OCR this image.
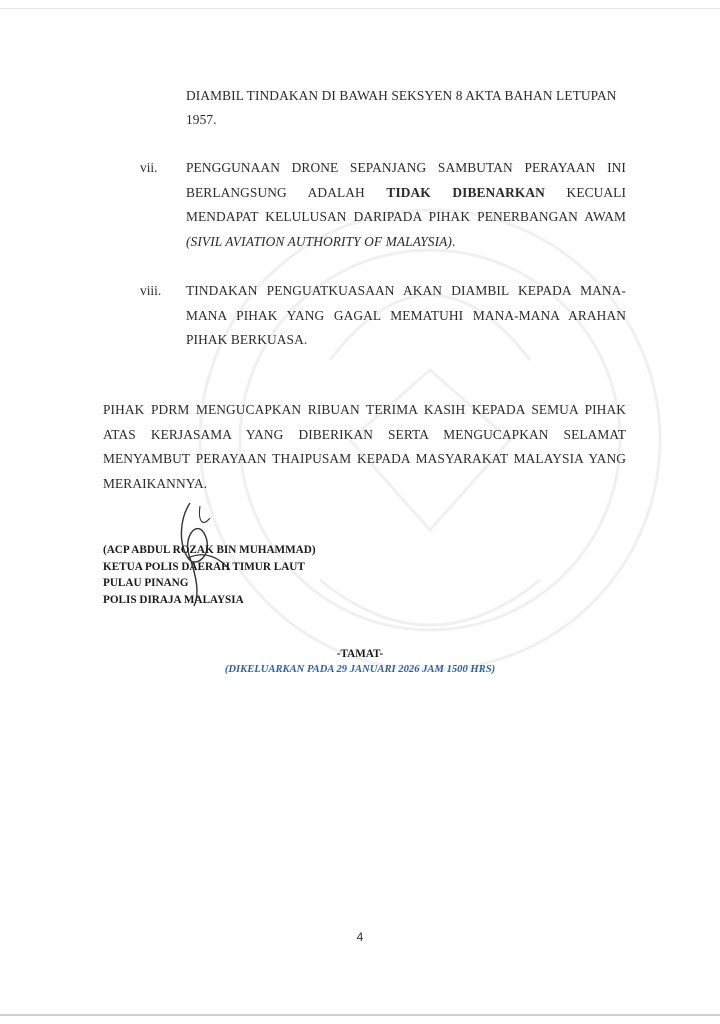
DIAMBIL TINDAKAN DI BAWAH SEKSYEN 8 AKTA BAHAN LETUPAN
1957.
vii. PENGGUNAAN DRONE SEPANJANG SAMBUTAN PERAYAAN INI BERLANGSUNG ADALAH TIDAK DIBENARKAN KECUALI MENDAPAT KELULUSAN DARIPADA PIHAK PENERBANGAN AWAM (SIVIL AVIATION AUTHORITY OF MALAYSIA).
viii. TINDAKAN PENGUATKUASAAN AKAN DIAMBIL KEPADA MANA-MANA PIHAK YANG GAGAL MEMATUHI MANA-MANA ARAHAN PIHAK BERKUASA.
PIHAK PDRM MENGUCAPKAN RIBUAN TERIMA KASIH KEPADA SEMUA PIHAK ATAS KERJASAMA YANG DIBERIKAN SERTA MENGUCAPKAN SELAMAT MENYAMBUT PERAYAAN THAIPUSAM KEPADA MASYARAKAT MALAYSIA YANG MERAIKANNYA.
(ACP ABDUL ROZAK BIN MUHAMMAD)
KETUA POLIS DAERAH TIMUR LAUT
PULAU PINANG
POLIS DIRAJA MALAYSIA
-TAMAT-
(DIKELUARKAN PADA 29 JANUARI 2026 JAM 1500 HRS)
4
